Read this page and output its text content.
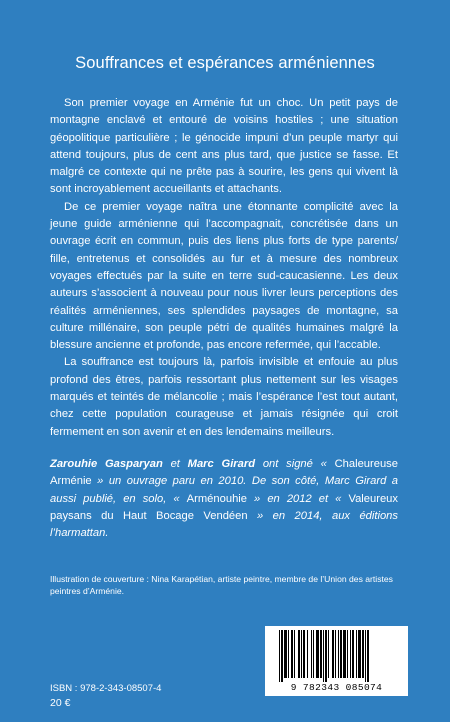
Souffrances et espérances arméniennes

Son premier voyage en Arménie fut un choc. Un petit pays de montagne enclavé et entouré de voisins hostiles ; une situation géopolitique particulière ; le génocide impuni d’un peuple martyr qui attend toujours, plus de cent ans plus tard, que justice se fasse. Et malgré ce contexte qui ne prête pas à sourire, les gens qui vivent là sont incroyablement accueillants et attachants.

De ce premier voyage naîtra une étonnante complicité avec la jeune guide arménienne qui l’accompagnait, concrétisée dans un ouvrage écrit en commun, puis des liens plus forts de type parents/ fille, entretenus et consolidés au fur et à mesure des nombreux voyages effectués par la suite en terre sud-caucasienne. Les deux auteurs s’associent à nouveau pour nous livrer leurs perceptions des réalités arméniennes, ses splendides paysages de montagne, sa culture millénaire, son peuple pétri de qualités humaines malgré la blessure ancienne et profonde, pas encore refermée, qui l’accable.

La souffrance est toujours là, parfois invisible et enfouie au plus profond des êtres, parfois ressortant plus nettement sur les visages marqués et teintés de mélancolie ; mais l’espérance l’est tout autant, chez cette population courageuse et jamais résignée qui croit fermement en son avenir et en des lendemains meilleurs.

Zarouhie Gasparyan et Marc Girard ont signé « Chaleureuse Arménie » un ouvrage paru en 2010. De son côté, Marc Girard a aussi publié, en solo, « Arménouhie » en 2012 et « Valeureux paysans du Haut Bocage Vendéen » en 2014, aux éditions l’harmattan.
Illustration de couverture : Nina Karapétian, artiste peintre, membre de l’Union des artistes peintres d’Arménie.
9 782343 085074
ISBN : 978-2-343-08507-4
20 €
